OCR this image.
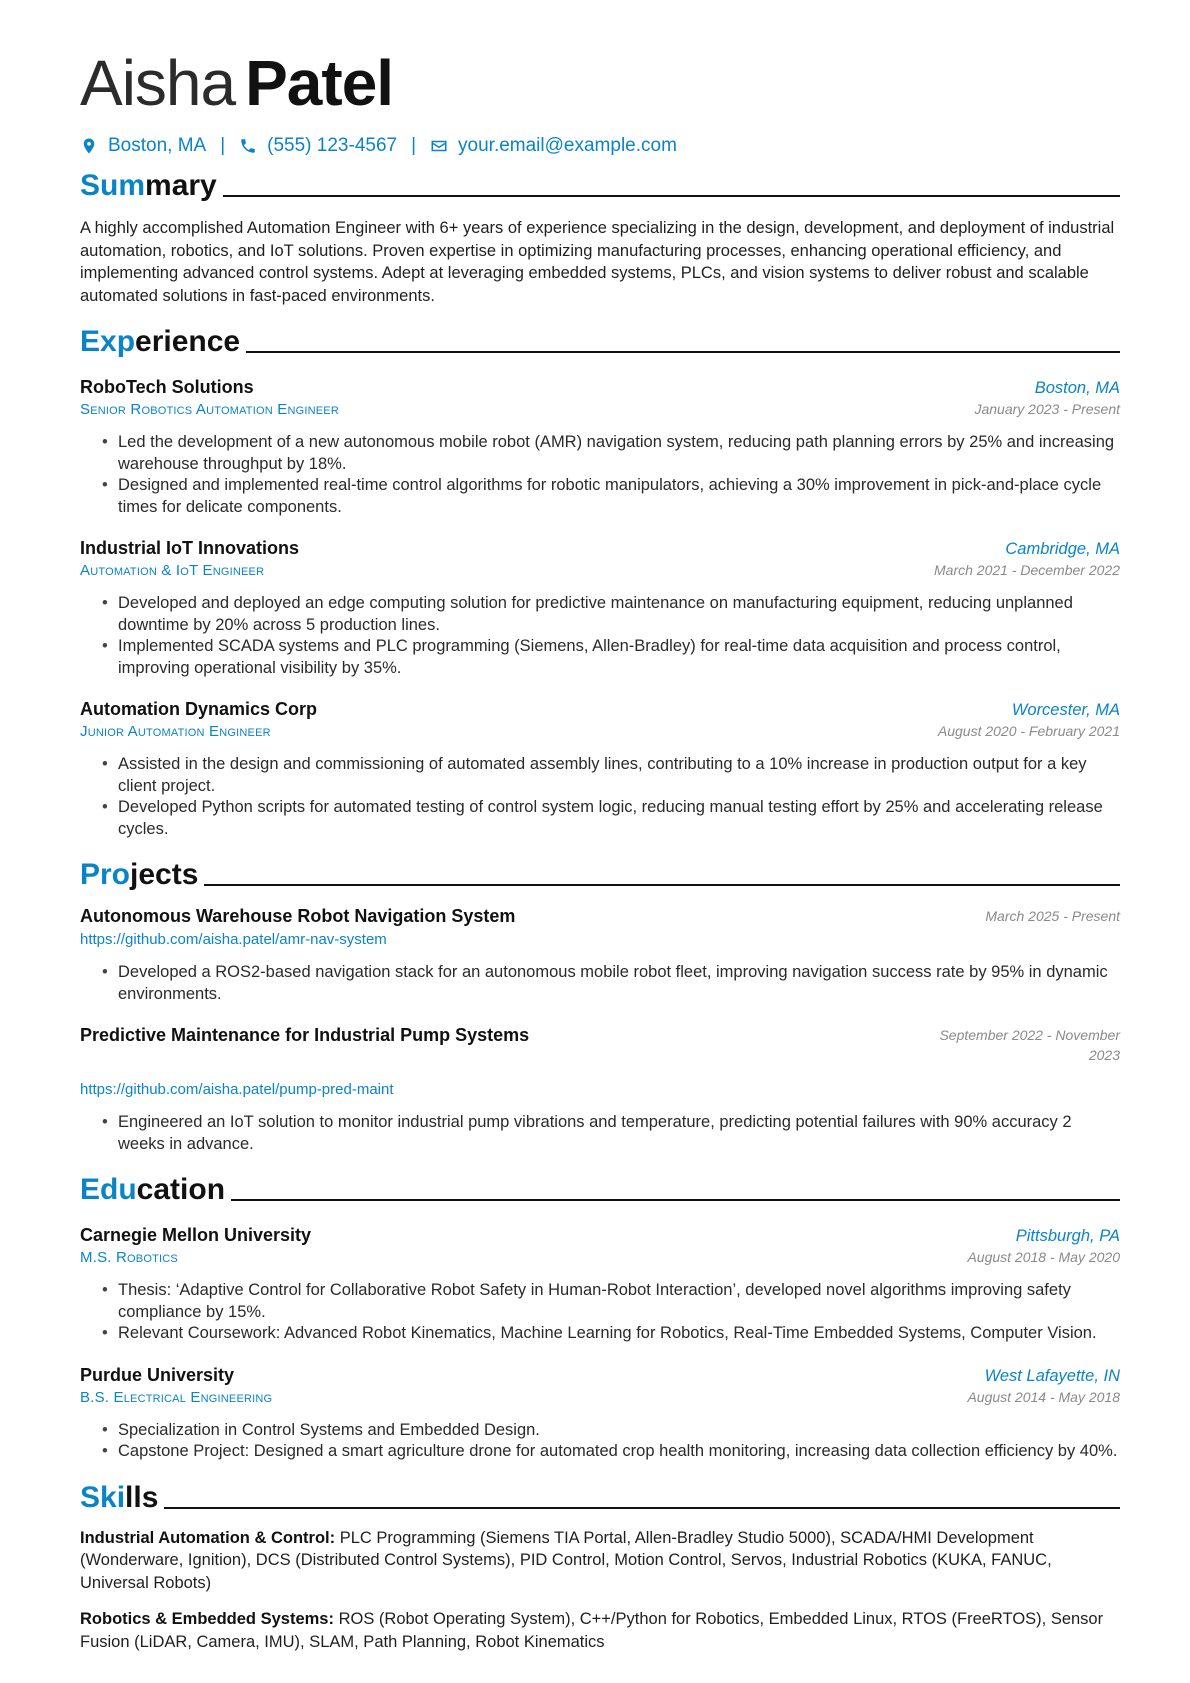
Aisha Patel
Boston, MA | (555) 123-4567 | your.email@example.com
Summary
A highly accomplished Automation Engineer with 6+ years of experience specializing in the design, development, and deployment of industrial automation, robotics, and IoT solutions. Proven expertise in optimizing manufacturing processes, enhancing operational efficiency, and implementing advanced control systems. Adept at leveraging embedded systems, PLCs, and vision systems to deliver robust and scalable automated solutions in fast-paced environments.
Experience
RoboTech Solutions	Boston, MA
Senior Robotics Automation Engineer	January 2023 - Present
• Led the development of a new autonomous mobile robot (AMR) navigation system, reducing path planning errors by 25% and increasing warehouse throughput by 18%.
• Designed and implemented real-time control algorithms for robotic manipulators, achieving a 30% improvement in pick-and-place cycle times for delicate components.
Industrial IoT Innovations	Cambridge, MA
Automation & IoT Engineer	March 2021 - December 2022
• Developed and deployed an edge computing solution for predictive maintenance on manufacturing equipment, reducing unplanned downtime by 20% across 5 production lines.
• Implemented SCADA systems and PLC programming (Siemens, Allen-Bradley) for real-time data acquisition and process control, improving operational visibility by 35%.
Automation Dynamics Corp	Worcester, MA
Junior Automation Engineer	August 2020 - February 2021
• Assisted in the design and commissioning of automated assembly lines, contributing to a 10% increase in production output for a key client project.
• Developed Python scripts for automated testing of control system logic, reducing manual testing effort by 25% and accelerating release cycles.
Projects
Autonomous Warehouse Robot Navigation System	March 2025 - Present
https://github.com/aisha.patel/amr-nav-system
• Developed a ROS2-based navigation stack for an autonomous mobile robot fleet, improving navigation success rate by 95% in dynamic environments.
Predictive Maintenance for Industrial Pump Systems	September 2022 - November 2023
https://github.com/aisha.patel/pump-pred-maint
• Engineered an IoT solution to monitor industrial pump vibrations and temperature, predicting potential failures with 90% accuracy 2 weeks in advance.
Education
Carnegie Mellon University	Pittsburgh, PA
M.S. Robotics	August 2018 - May 2020
• Thesis: ‘Adaptive Control for Collaborative Robot Safety in Human-Robot Interaction’, developed novel algorithms improving safety compliance by 15%.
• Relevant Coursework: Advanced Robot Kinematics, Machine Learning for Robotics, Real-Time Embedded Systems, Computer Vision.
Purdue University	West Lafayette, IN
B.S. Electrical Engineering	August 2014 - May 2018
• Specialization in Control Systems and Embedded Design.
• Capstone Project: Designed a smart agriculture drone for automated crop health monitoring, increasing data collection efficiency by 40%.
Skills
Industrial Automation & Control: PLC Programming (Siemens TIA Portal, Allen-Bradley Studio 5000), SCADA/HMI Development (Wonderware, Ignition), DCS (Distributed Control Systems), PID Control, Motion Control, Servos, Industrial Robotics (KUKA, FANUC, Universal Robots)
Robotics & Embedded Systems: ROS (Robot Operating System), C++/Python for Robotics, Embedded Linux, RTOS (FreeRTOS), Sensor Fusion (LiDAR, Camera, IMU), SLAM, Path Planning, Robot Kinematics
